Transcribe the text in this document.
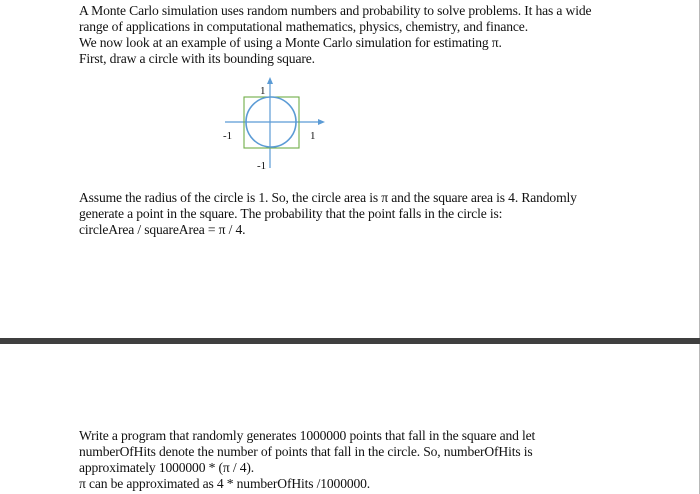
A Monte Carlo simulation uses random numbers and probability to solve problems. It has a wide
range of applications in computational mathematics, physics, chemistry, and finance.
We now look at an example of using a Monte Carlo simulation for estimating π.
First, draw a circle with its bounding square.
1
1
-1
-1
Assume the radius of the circle is 1. So, the circle area is π and the square area is 4. Randomly
generate a point in the square. The probability that the point falls in the circle is:
circleArea / squareArea = π / 4.
Write a program that randomly generates 1000000 points that fall in the square and let
numberOfHits denote the number of points that fall in the circle. So, numberOfHits is
approximately 1000000 * (π / 4).
π can be approximated as 4 * numberOfHits /1000000.
